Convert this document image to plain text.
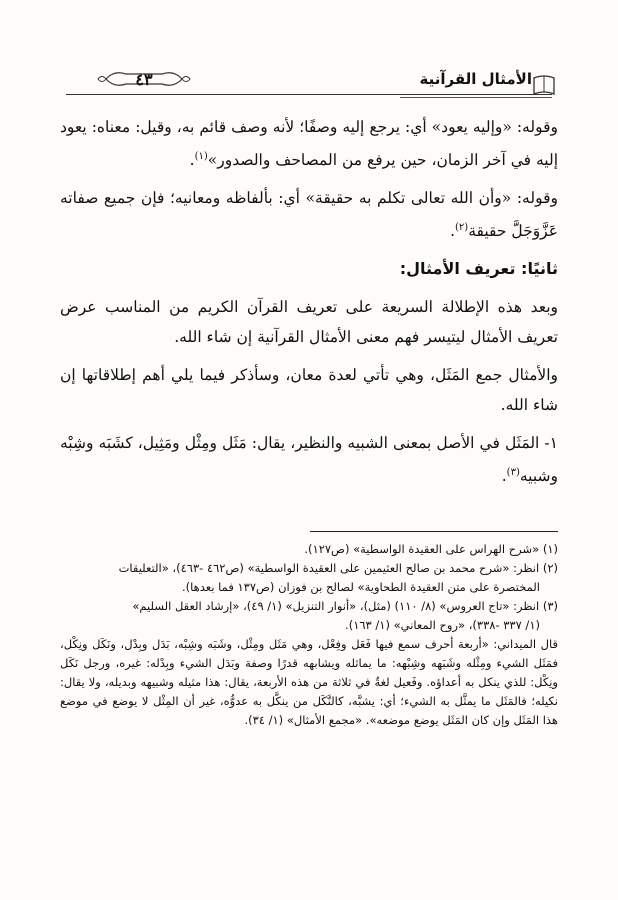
٤٣	الأمثال القرآنية

وقوله: «وإليه يعود» أي: يرجع إليه وصفًا؛ لأنه وصف قائم به، وقيل: معناه: يعود إليه في آخر الزمان، حين يرفع من المصاحف والصدور»$^{(١)}$.

وقوله: «وأن الله تعالى تكلم به حقيقة» أي: بألفاظه ومعانيه؛ فإن جميع صفاته عَزَّوَجَلَّ حقيقة$^{(٢)}$.

ثانيًا: تعريف الأمثال:

وبعد هذه الإطلالة السريعة على تعريف القرآن الكريم من المناسب عرض تعريف الأمثال ليتيسر فهم معنى الأمثال القرآنية إن شاء الله.

والأمثال جمع المَثَل، وهي تأتي لعدة معان، وسأذكر فيما يلي أهم إطلاقاتها إن شاء الله.

١- المَثَل في الأصل بمعنى الشبيه والنظير، يقال: مَثَل ومِثْل ومَثِيل، كشَبَه وشِبْه وشبيه$^{(٣)}$.

(١) «شرح الهراس على العقيدة الواسطية» (ص١٢٧).

(٢) انظر: «شرح محمد بن صالح العثيمين على العقيدة الواسطية» (ص٤٦٢ -٤٦٣)، «التعليقات

المختصرة على متن العقيدة الطحاوية» لصالح بن فوزان (ص١٣٧ فما بعدها).

(٣) انظر: «تاج العروس» (٨/ ١١٠) (مثل)، «أنوار التنزيل» (١/ ٤٩)، «إرشاد العقل السليم»

(١/ ٣٣٧ -٣٣٨)، «روح المعاني» (١/ ١٦٣).

قال الميداني: «أربعة أحرف سمع فيها فَعَل وفِعْل، وهي مَثَل ومِثْل، وشَبَه وشِبْه، بَدَل وبِدْل، ونَكَل ونِكْل، فمَثَل الشيء ومِثْله وشَبَهه وشِبْهه: ما يماثله ويشابهه قدرًا وصفة وبَدَل الشيء وبِدْله: غيره، ورجل نَكَل ونِكْل: للذي ينكل به أعداؤه. وفَعيل لغةٌ في ثلاثة من هذه الأربعة، يقال: هذا مثيله وشبيهه وبديله، ولا يقال: نكيله؛ فالمَثَل ما يمثَّل به الشيء؛ أي: يشبَّه، كالنَّكَل من ينكَّل به عدوُّه، غير أن المِثْل لا يوضع في موضع هذا المَثَل وإن كان المَثَل يوضع موضعه». «مجمع الأمثال» (١/ ٣٤).
